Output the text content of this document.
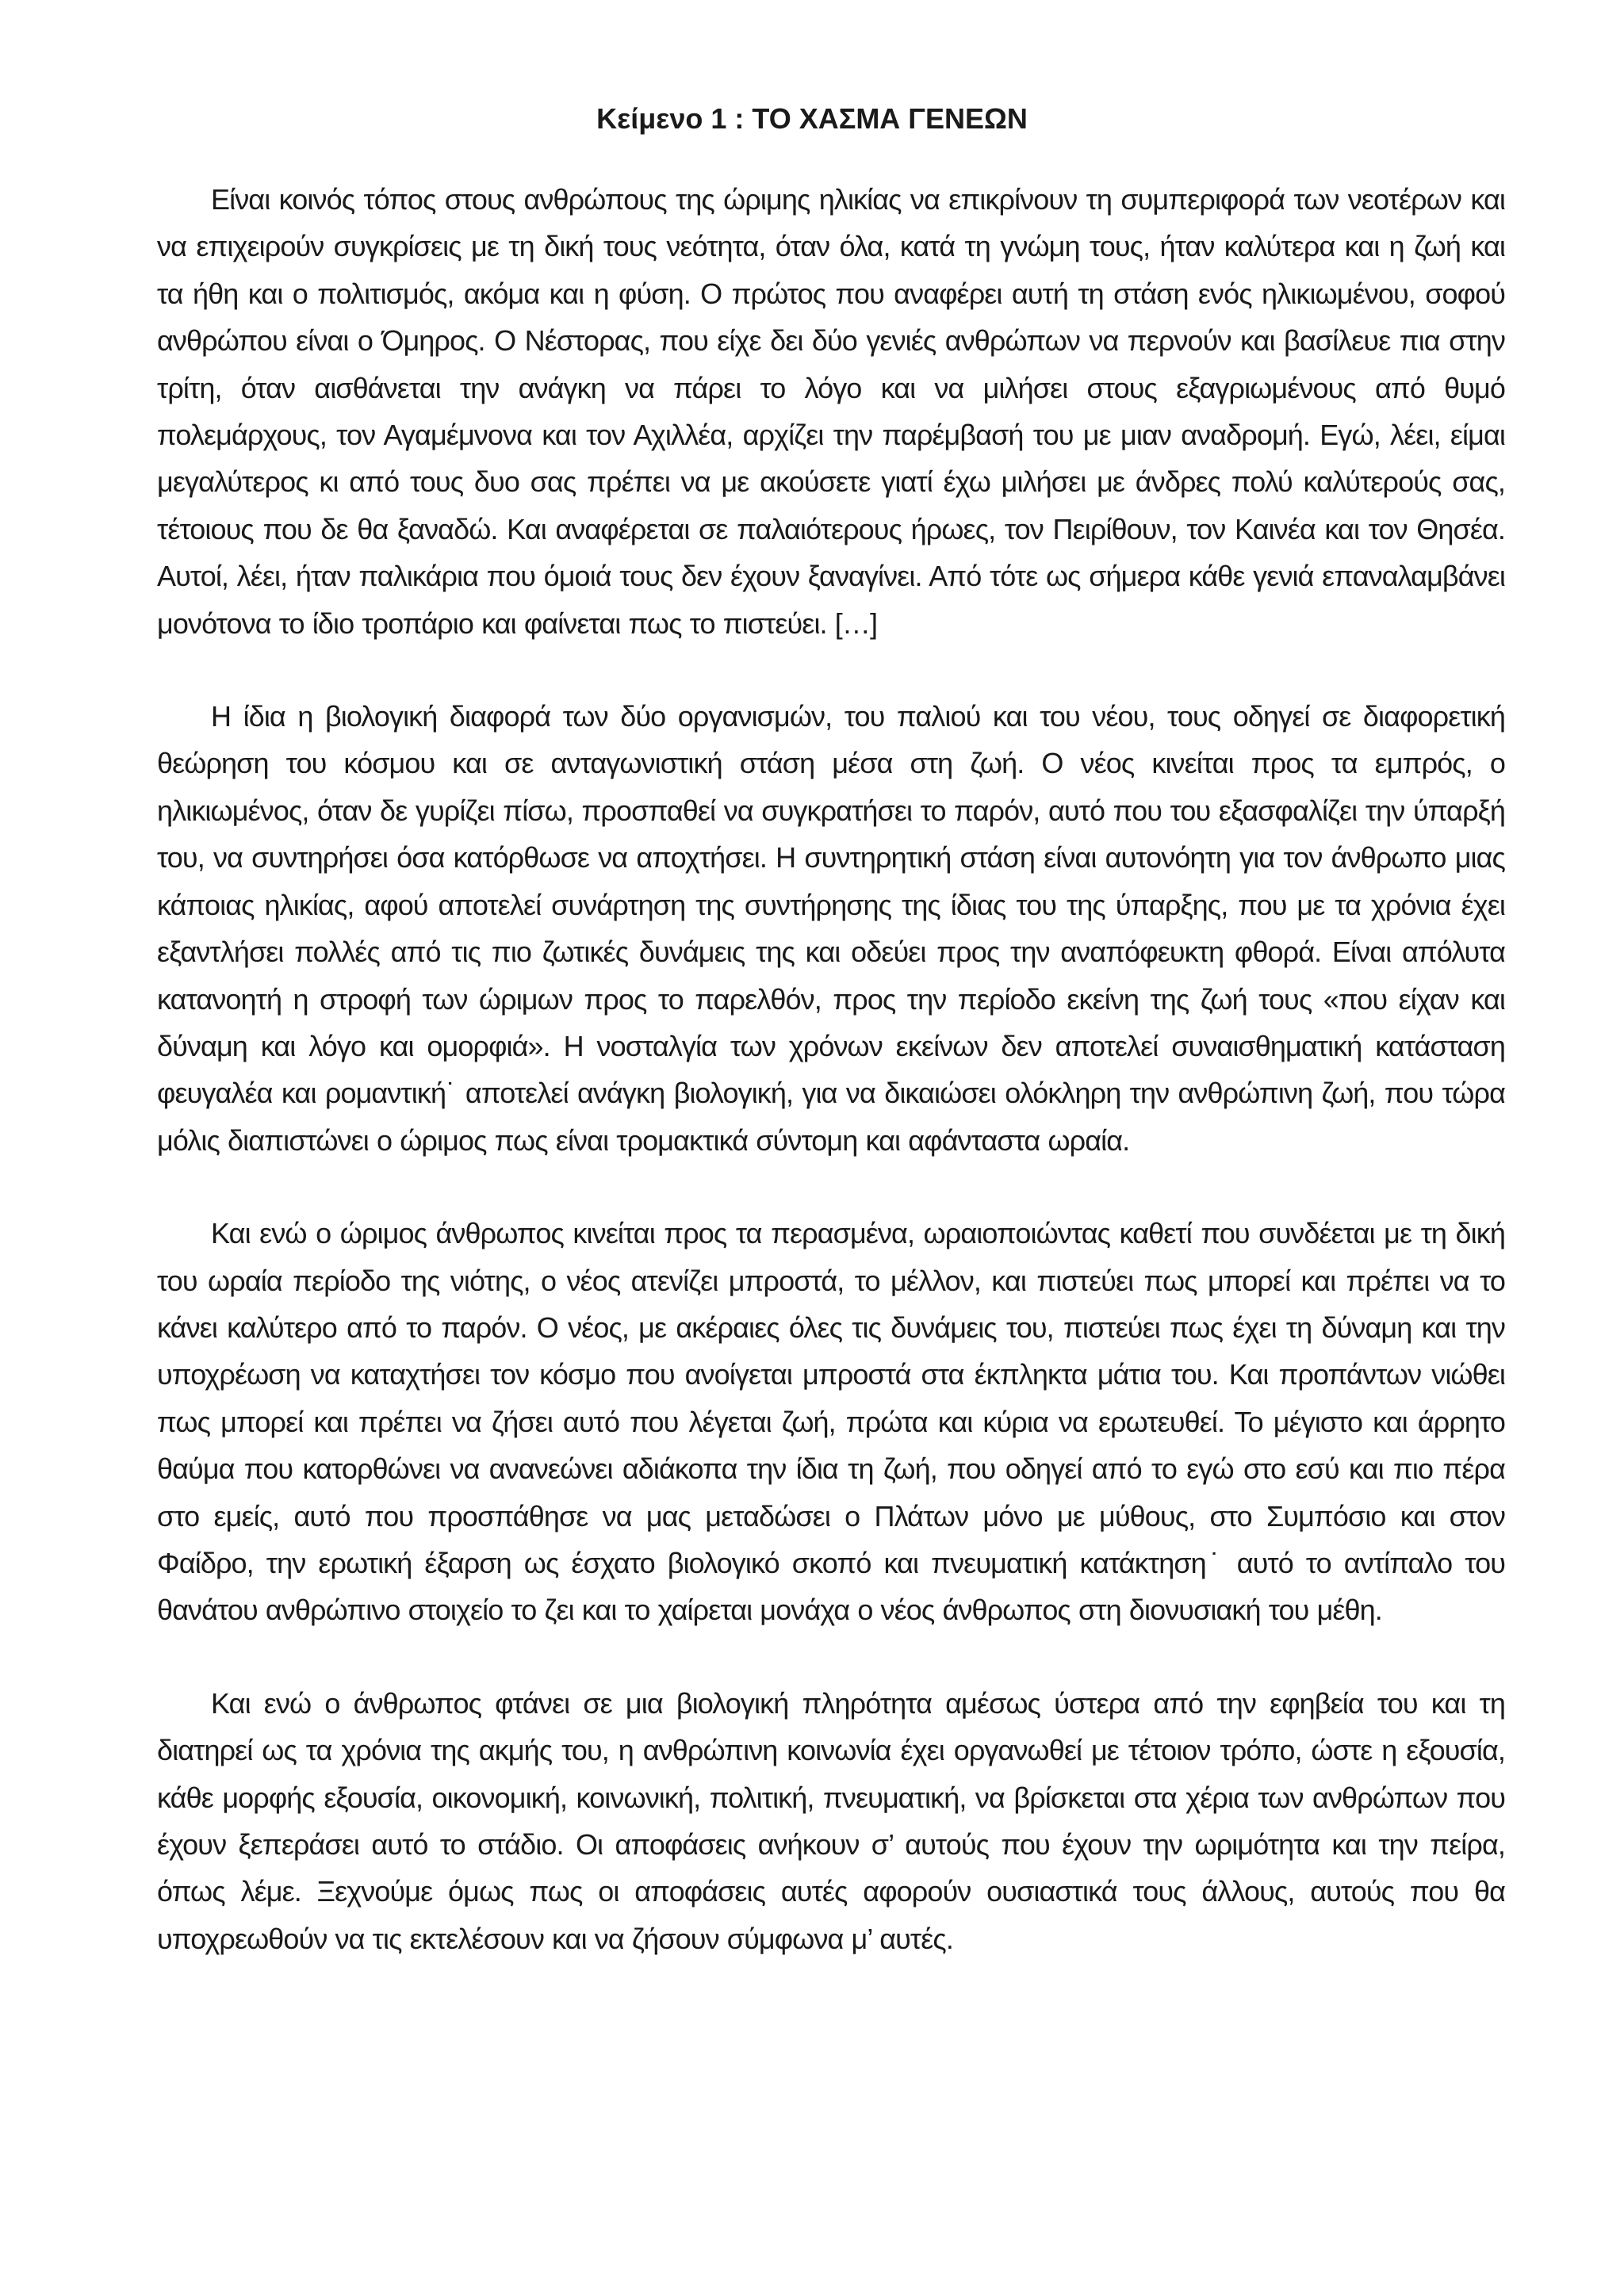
Κείμενο 1 : ΤΟ ΧΑΣΜΑ ΓΕΝΕΩΝ

Είναι κοινός τόπος στους ανθρώπους της ώριμης ηλικίας να επικρίνουν τη συμπεριφορά των νεοτέρων και να επιχειρούν συγκρίσεις με τη δική τους νεότητα, όταν όλα, κατά τη γνώμη τους, ήταν καλύτερα και η ζωή και τα ήθη και ο πολιτισμός, ακόμα και η φύση. Ο πρώτος που αναφέρει αυτή τη στάση ενός ηλικιωμένου, σοφού ανθρώπου είναι ο Όμηρος. Ο Νέστορας, που είχε δει δύο γενιές ανθρώπων να περνούν και βασίλευε πια στην τρίτη, όταν αισθάνεται την ανάγκη να πάρει το λόγο και να μιλήσει στους εξαγριωμένους από θυμό πολεμάρχους, τον Αγαμέμνονα και τον Αχιλλέα, αρχίζει την παρέμβασή του με μιαν αναδρομή. Εγώ, λέει, είμαι μεγαλύτερος κι από τους δυο σας πρέπει να με ακούσετε γιατί έχω μιλήσει με άνδρες πολύ καλύτερούς σας, τέτοιους που δε θα ξαναδώ. Και αναφέρεται σε παλαιότερους ήρωες, τον Πειρίθουν, τον Καινέα και τον Θησέα. Αυτοί, λέει, ήταν παλικάρια που όμοιά τους δεν έχουν ξαναγίνει. Από τότε ως σήμερα κάθε γενιά επαναλαμβάνει μονότονα το ίδιο τροπάριο και φαίνεται πως το πιστεύει. […]

Η ίδια η βιολογική διαφορά των δύο οργανισμών, του παλιού και του νέου, τους οδηγεί σε διαφορετική θεώρηση του κόσμου και σε ανταγωνιστική στάση μέσα στη ζωή. Ο νέος κινείται προς τα εμπρός, ο ηλικιωμένος, όταν δε γυρίζει πίσω, προσπαθεί να συγκρατήσει το παρόν, αυτό που του εξασφαλίζει την ύπαρξή του, να συντηρήσει όσα κατόρθωσε να αποχτήσει. Η συντηρητική στάση είναι αυτονόητη για τον άνθρωπο μιας κάποιας ηλικίας, αφού αποτελεί συνάρτηση της συντήρησης της ίδιας του της ύπαρξης, που με τα χρόνια έχει εξαντλήσει πολλές από τις πιο ζωτικές δυνάμεις της και οδεύει προς την αναπόφευκτη φθορά. Είναι απόλυτα κατανοητή η στροφή των ώριμων προς το παρελθόν, προς την περίοδο εκείνη της ζωή τους «που είχαν και δύναμη και λόγο και ομορφιά». Η νοσταλγία των χρόνων εκείνων δεν αποτελεί συναισθηματική κατάσταση φευγαλέα και ρομαντική˙ αποτελεί ανάγκη βιολογική, για να δικαιώσει ολόκληρη την ανθρώπινη ζωή, που τώρα μόλις διαπιστώνει ο ώριμος πως είναι τρομακτικά σύντομη και αφάνταστα ωραία.

Και ενώ ο ώριμος άνθρωπος κινείται προς τα περασμένα, ωραιοποιώντας καθετί που συνδέεται με τη δική του ωραία περίοδο της νιότης, ο νέος ατενίζει μπροστά, το μέλλον, και πιστεύει πως μπορεί και πρέπει να το κάνει καλύτερο από το παρόν. Ο νέος, με ακέραιες όλες τις δυνάμεις του, πιστεύει πως έχει τη δύναμη και την υποχρέωση να καταχτήσει τον κόσμο που ανοίγεται μπροστά στα έκπληκτα μάτια του. Και προπάντων νιώθει πως μπορεί και πρέπει να ζήσει αυτό που λέγεται ζωή, πρώτα και κύρια να ερωτευθεί. Το μέγιστο και άρρητο θαύμα που κατορθώνει να ανανεώνει αδιάκοπα την ίδια τη ζωή, που οδηγεί από το εγώ στο εσύ και πιο πέρα στο εμείς, αυτό που προσπάθησε να μας μεταδώσει ο Πλάτων μόνο με μύθους, στο Συμπόσιο και στον Φαίδρο, την ερωτική έξαρση ως έσχατο βιολογικό σκοπό και πνευματική κατάκτηση˙ αυτό το αντίπαλο του θανάτου ανθρώπινο στοιχείο το ζει και το χαίρεται μονάχα ο νέος άνθρωπος στη διονυσιακή του μέθη.

Και ενώ ο άνθρωπος φτάνει σε μια βιολογική πληρότητα αμέσως ύστερα από την εφηβεία του και τη διατηρεί ως τα χρόνια της ακμής του, η ανθρώπινη κοινωνία έχει οργανωθεί με τέτοιον τρόπο, ώστε η εξουσία, κάθε μορφής εξουσία, οικονομική, κοινωνική, πολιτική, πνευματική, να βρίσκεται στα χέρια των ανθρώπων που έχουν ξεπεράσει αυτό το στάδιο. Οι αποφάσεις ανήκουν σ’ αυτούς που έχουν την ωριμότητα και την πείρα, όπως λέμε. Ξεχνούμε όμως πως οι αποφάσεις αυτές αφορούν ουσιαστικά τους άλλους, αυτούς που θα υποχρεωθούν να τις εκτελέσουν και να ζήσουν σύμφωνα μ’ αυτές.
